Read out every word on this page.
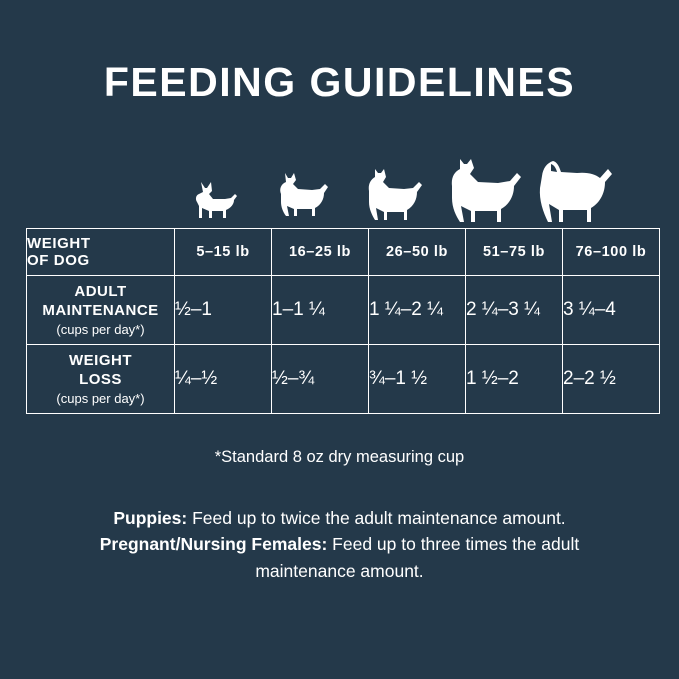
FEEDING GUIDELINES
WEIGHT
OF DOG	5–15 lb	16–25 lb	26–50 lb	51–75 lb	76–100 lb

ADULT
MAINTENANCE
(cups per day*)	½–1	1–1 ¼	1 ¼–2 ¼	2 ¼–3 ¼	3 ¼–4

WEIGHT
LOSS
(cups per day*)	¼–½	½–¾	¾–1 ½	1 ½–2	2–2 ½
*Standard 8 oz dry measuring cup
Puppies: Feed up to twice the adult maintenance amount.
Pregnant/Nursing Females: Feed up to three times the adult maintenance amount.
